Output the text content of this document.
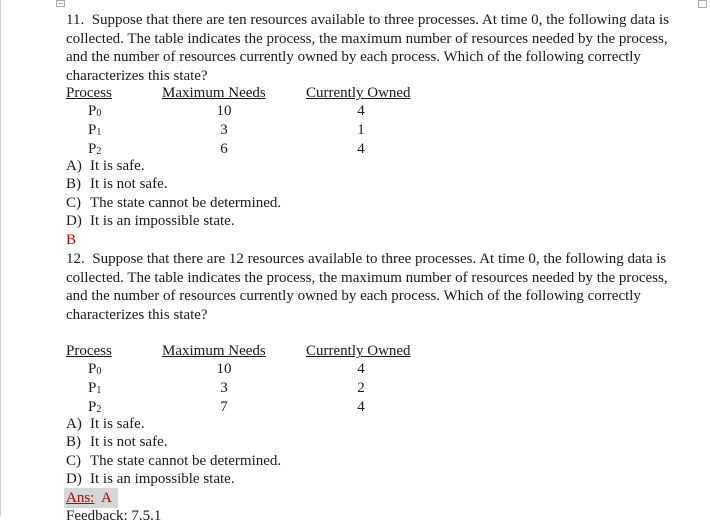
11. Suppose that there are ten resources available to three processes. At time 0, the following data is collected. The table indicates the process, the maximum number of resources needed by the process, and the number of resources currently owned by each process. Which of the following correctly characterizes this state?

Process	Maximum Needs	Currently Owned
$P_0$	10	4
$P_1$	3	1
$P_2$	6	4
A) It is safe.
B) It is not safe.
C) The state cannot be determined.
D) It is an impossible state.
B

12. Suppose that there are 12 resources available to three processes. At time 0, the following data is collected. The table indicates the process, the maximum number of resources needed by the process, and the number of resources currently owned by each process. Which of the following correctly characterizes this state?

Process	Maximum Needs	Currently Owned
$P_0$	10	4
$P_1$	3	2
$P_2$	7	4
A) It is safe.
B) It is not safe.
C) The state cannot be determined.
D) It is an impossible state.
Ans: A
Feedback: 7.5.1
